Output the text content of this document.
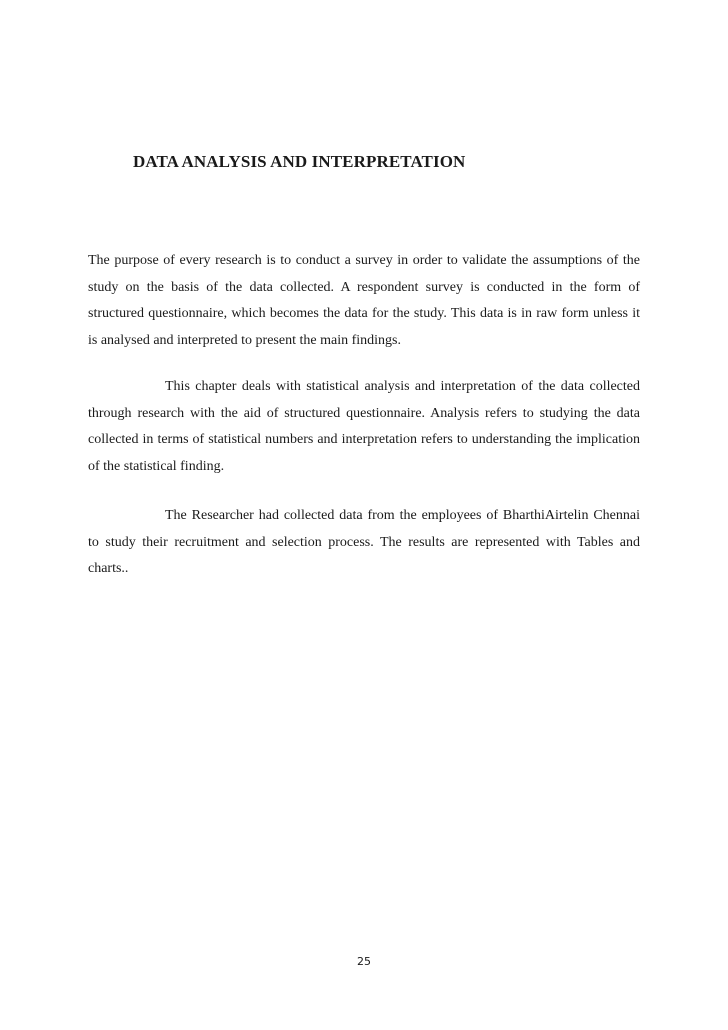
DATA ANALYSIS AND INTERPRETATION

The purpose of every research is to conduct a survey in order to validate the assumptions of the study on the basis of the data collected. A respondent survey is conducted in the form of structured questionnaire, which becomes the data for the study. This data is in raw form unless it is analysed and interpreted to present the main findings.

This chapter deals with statistical analysis and interpretation of the data collected through research with the aid of structured questionnaire. Analysis refers to studying the data collected in terms of statistical numbers and interpretation refers to understanding the implication of the statistical finding.

The Researcher had collected data from the employees of BharthiAirtelin Chennai to study their recruitment and selection process. The results are represented with Tables and charts..

25
